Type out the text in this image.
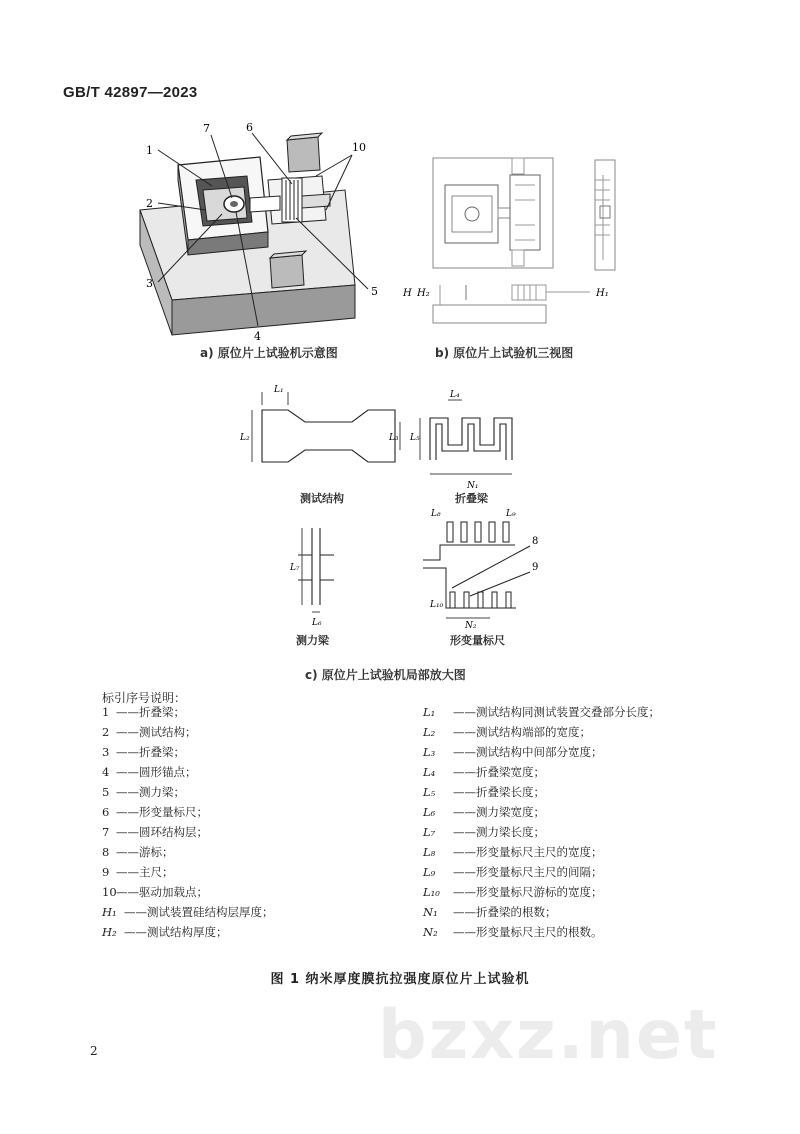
GB/T 42897—2023
1
2
3
4
5
6
7
10
H H₂	H₁
a) 原位片上试验机示意图	b) 原位片上试验机三视图
L₁
L₂	L₃
L₄
L₅
N₁
L₇
L₆
L₈	L₉
L₁₀
N₂
8
9
测试结构	折叠梁
测力梁	形变量标尺
c) 原位片上试验机局部放大图
标引序号说明：
1 ——折叠梁；
2 ——测试结构；
3 ——折叠梁；
4 ——圆形锚点；
5 ——测力梁；
6 ——形变量标尺；
7 ——圆环结构层；
8 ——游标；
9 ——主尺；
10——驱动加载点；
H₁ ——测试装置硅结构层厚度；
H₂ ——测试结构厚度；
L₁ ——测试结构同测试装置交叠部分长度；
L₂ ——测试结构端部的宽度；
L₃ ——测试结构中间部分宽度；
L₄ ——折叠梁宽度；
L₅ ——折叠梁长度；
L₆ ——测力梁宽度；
L₇ ——测力梁长度；
L₈ ——形变量标尺主尺的宽度；
L₉ ——形变量标尺主尺的间隔；
L₁₀ ——形变量标尺游标的宽度；
N₁ ——折叠梁的根数；
N₂ ——形变量标尺主尺的根数。
图 1 纳米厚度膜抗拉强度原位片上试验机
bzxz.net
2
